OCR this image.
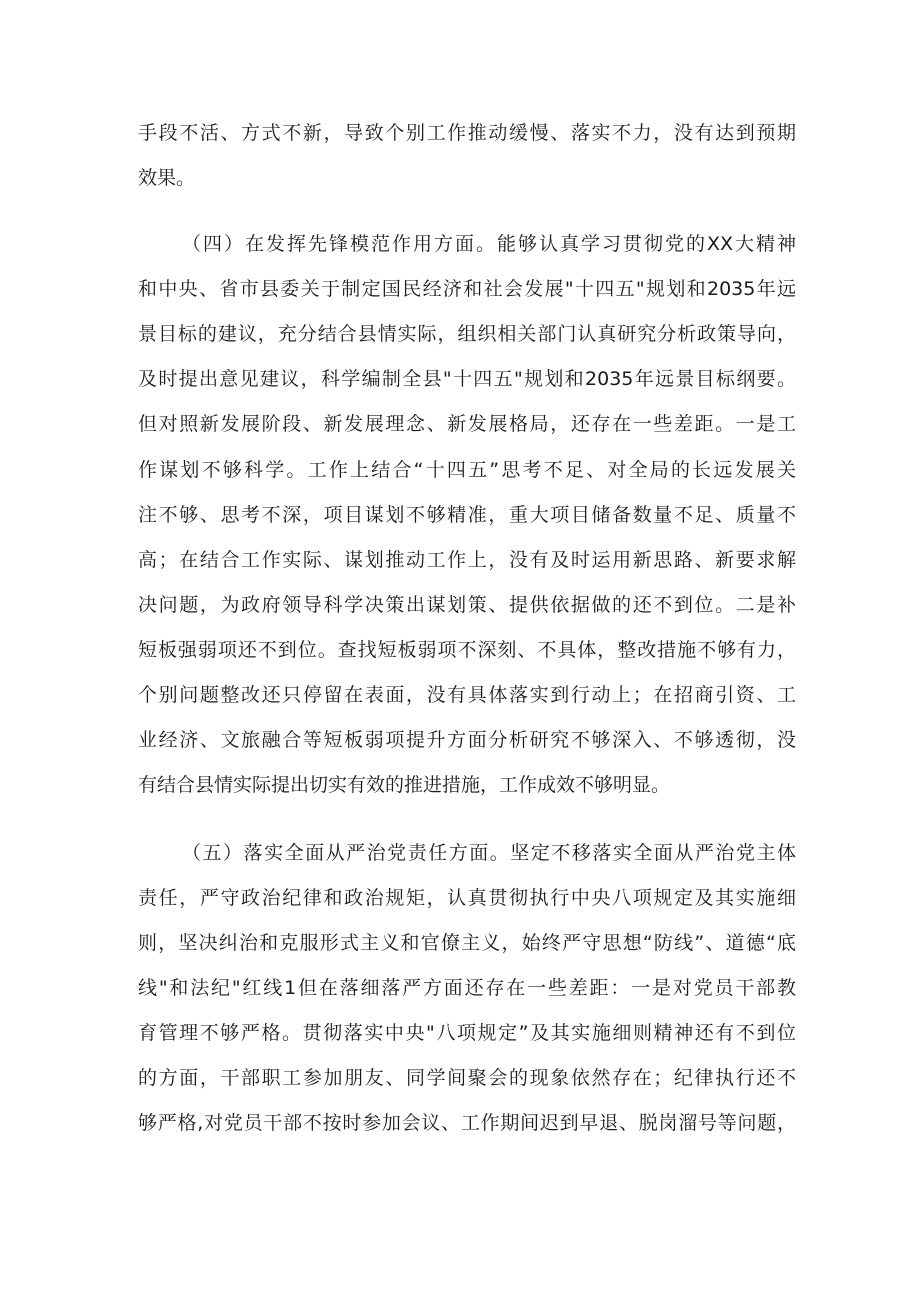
手段不活、方式不新，导致个别工作推动缓慢、落实不力，没有达到预期
效果。
（四）在发挥先锋模范作用方面。能够认真学习贯彻党的XX大精神
和中央、省市县委关于制定国民经济和社会发展"十四五"规划和2035年远
景目标的建议，充分结合县情实际，组织相关部门认真研究分析政策导向，
及时提出意见建议，科学编制全县"十四五"规划和2035年远景目标纲要。
但对照新发展阶段、新发展理念、新发展格局，还存在一些差距。一是工
作谋划不够科学。工作上结合“十四五”思考不足、对全局的长远发展关
注不够、思考不深，项目谋划不够精准，重大项目储备数量不足、质量不
高；在结合工作实际、谋划推动工作上，没有及时运用新思路、新要求解
决问题，为政府领导科学决策出谋划策、提供依据做的还不到位。二是补
短板强弱项还不到位。查找短板弱项不深刻、不具体，整改措施不够有力，
个别问题整改还只停留在表面，没有具体落实到行动上；在招商引资、工
业经济、文旅融合等短板弱项提升方面分析研究不够深入、不够透彻，没
有结合县情实际提出切实有效的推进措施，工作成效不够明显。
（五）落实全面从严治党责任方面。坚定不移落实全面从严治党主体
责任，严守政治纪律和政治规矩，认真贯彻执行中央八项规定及其实施细
则，坚决纠治和克服形式主义和官僚主义，始终严守思想“防线”、道德“底
线"和法纪"红线1但在落细落严方面还存在一些差距：一是对党员干部教
育管理不够严格。贯彻落实中央"八项规定”及其实施细则精神还有不到位
的方面，干部职工参加朋友、同学间聚会的现象依然存在；纪律执行还不
够严格,对党员干部不按时参加会议、工作期间迟到早退、脱岗溜号等问题，
